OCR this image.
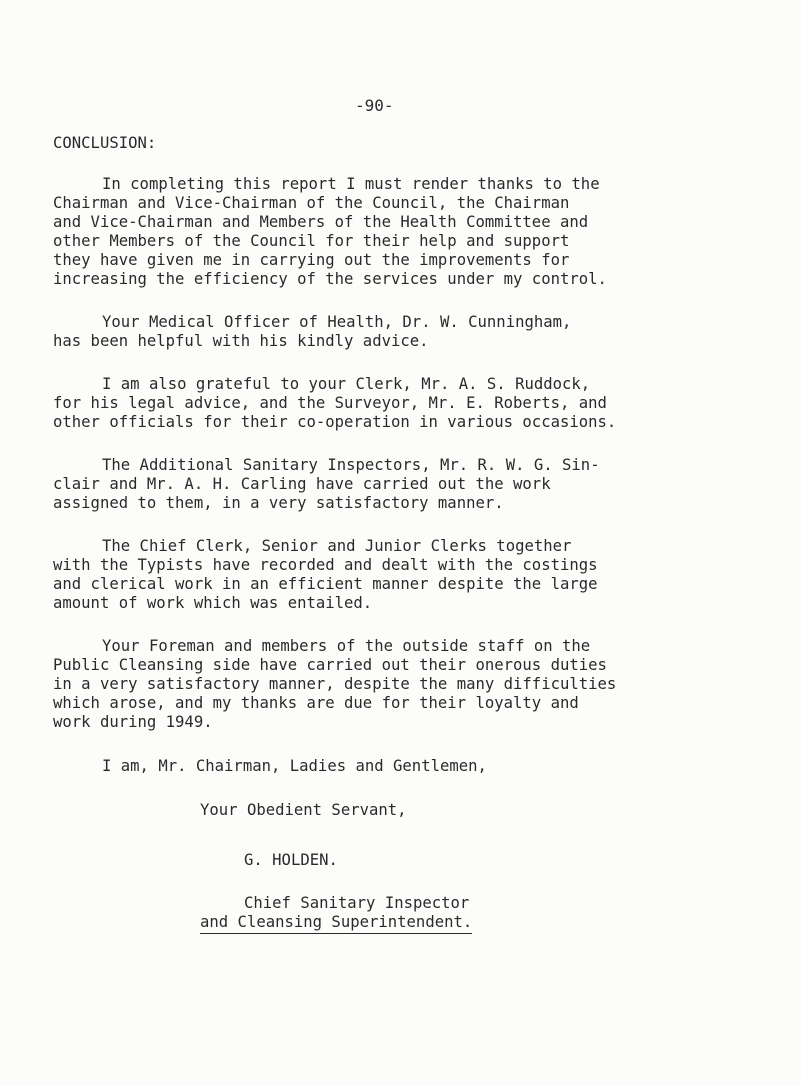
-90-
CONCLUSION:
In completing this report I must render thanks to the
Chairman and Vice-Chairman of the Council, the Chairman
and Vice-Chairman and Members of the Health Committee and
other Members of the Council for their help and support
they have given me in carrying out the improvements for
increasing the efficiency of the services under my control.
Your Medical Officer of Health, Dr. W. Cunningham,
has been helpful with his kindly advice.
I am also grateful to your Clerk, Mr. A. S. Ruddock,
for his legal advice, and the Surveyor, Mr. E. Roberts, and
other officials for their co-operation in various occasions.
The Additional Sanitary Inspectors, Mr. R. W. G. Sin-
clair and Mr. A. H. Carling have carried out the work
assigned to them, in a very satisfactory manner.
The Chief Clerk, Senior and Junior Clerks together
with the Typists have recorded and dealt with the costings
and clerical work in an efficient manner despite the large
amount of work which was entailed.
Your Foreman and members of the outside staff on the
Public Cleansing side have carried out their onerous duties
in a very satisfactory manner, despite the many difficulties
which arose, and my thanks are due for their loyalty and
work during 1949.
I am, Mr. Chairman, Ladies and Gentlemen,
Your Obedient Servant,
G. HOLDEN.
Chief Sanitary Inspector
and Cleansing Superintendent.
